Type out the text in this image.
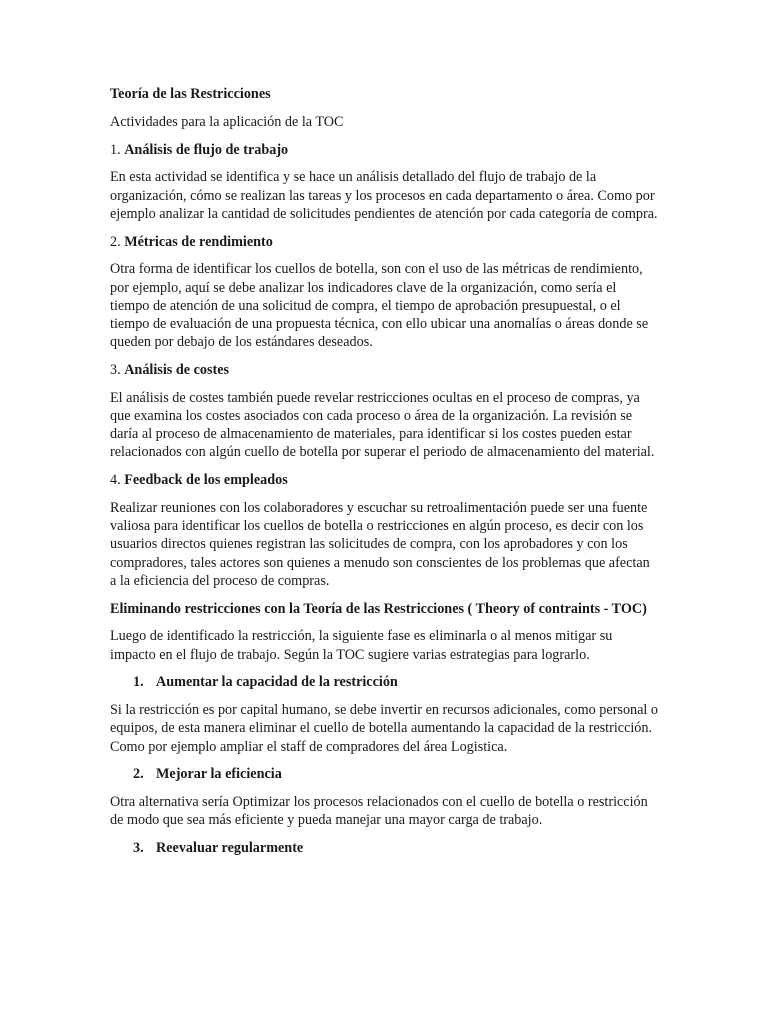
Teoría de las Restricciones

Actividades para la aplicación de la TOC

1. Análisis de flujo de trabajo

En esta actividad se identifica y se hace un análisis detallado del flujo de trabajo de la organización, cómo se realizan las tareas y los procesos en cada departamento o área. Como por ejemplo analizar la cantidad de solicitudes pendientes de atención por cada categoría de compra.

2. Métricas de rendimiento

Otra forma de identificar los cuellos de botella, son con el uso de las métricas de rendimiento, por ejemplo, aquí se debe analizar los indicadores clave de la organización, como sería el tiempo de atención de una solicitud de compra, el tiempo de aprobación presupuestal, o el tiempo de evaluación de una propuesta técnica, con ello ubicar una anomalías o áreas donde se queden por debajo de los estándares deseados.

3. Análisis de costes

El análisis de costes también puede revelar restricciones ocultas en el proceso de compras, ya que examina los costes asociados con cada proceso o área de la organización. La revisión se daría al proceso de almacenamiento de materiales, para identificar si los costes pueden estar relacionados con algún cuello de botella por superar el periodo de almacenamiento del material.

4. Feedback de los empleados

Realizar reuniones con los colaboradores y escuchar su retroalimentación puede ser una fuente valiosa para identificar los cuellos de botella o restricciones en algún proceso, es decir con los usuarios directos quienes registran las solicitudes de compra, con los aprobadores y con los compradores, tales actores son quienes a menudo son conscientes de los problemas que afectan a la eficiencia del proceso de compras.

Eliminando restricciones con la Teoría de las Restricciones ( Theory of contraints - TOC)

Luego de identificado la restricción, la siguiente fase es eliminarla o al menos mitigar su impacto en el flujo de trabajo. Según la TOC sugiere varias estrategias para lograrlo.

1. Aumentar la capacidad de la restricción

Si la restricción es por capital humano, se debe invertir en recursos adicionales, como personal o equipos, de esta manera eliminar el cuello de botella aumentando la capacidad de la restricción. Como por ejemplo ampliar el staff de compradores del área Logistica.

2. Mejorar la eficiencia

Otra alternativa sería Optimizar los procesos relacionados con el cuello de botella o restricción de modo que sea más eficiente y pueda manejar una mayor carga de trabajo.

3. Reevaluar regularmente
